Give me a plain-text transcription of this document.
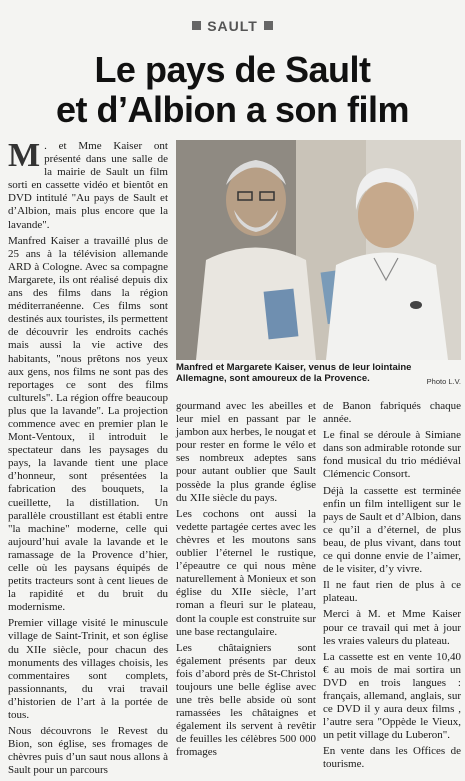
SAULT
Le pays de Sault
et d’Albion a son film

M . et Mme Kaiser ont présenté dans une salle de la mairie de Sault un film sorti en cassette vidéo et bientôt en DVD intitulé "Au pays de Sault et d’Albion, mais plus encore que la lavande".

Manfred Kaiser a travaillé plus de 25 ans à la télévision allemande ARD à Cologne. Avec sa compagne Margarete, ils ont réalisé depuis dix ans des films dans la région méditerranéenne. Ces films sont destinés aux touristes, ils permettent de découvrir les endroits cachés mais aussi la vie active des habitants, "nous prêtons nos yeux aux gens, nos films ne sont pas des reportages ce sont des films culturels". La région offre beaucoup plus que la lavande". La projection commence avec en premier plan le Mont-Ventoux, il introduit le spectateur dans les paysages du pays, la lavande tient une place d’honneur, sont présentées la fabrication des bouquets, la cueillette, la distillation. Un parallèle croustillant est établi entre "la machine" moderne, celle qui aujourd’hui avale la lavande et le ramassage de la Provence d’hier, celle où les paysans équipés de petits tracteurs sont à cent lieues de la rapidité et du bruit du modernisme.

Premier village visité le minuscule village de Saint-Trinit, et son église du XIIe siècle, pour chacun des monuments des villages choisis, les commentaires sont complets, passionnants, du vrai travail d’historien de l’art à la portée de tous.

Nous découvrons le Revest du Bion, son église, ses fromages de chèvres puis d’un saut nous allons à Sault pour un parcours

Manfred et Margarete Kaiser, venus de leur lointaine Allemagne, sont amoureux de la Provence.	Photo L.V.

gourmand avec les abeilles et leur miel en passant par le jambon aux herbes, le nougat et pour rester en forme le vélo et ses nombreux adeptes sans pour autant oublier que Sault possède la plus grande église du XIIe siècle du pays.

Les cochons ont aussi la vedette partagée certes avec les chèvres et les moutons sans oublier l’éternel le rustique, l’épeautre ce qui nous mène naturellement à Monieux et son église du XIIe siècle, l’art roman a fleuri sur le plateau, dont la couple est construite sur une base rectangulaire.

Les châtaigniers sont également présents par deux fois d’abord près de St-Christol toujours une belle église avec une très belle abside où sont ramassées les châtaignes et également ils servent à revêtir de feuilles les célèbres 500 000 fromages

de Banon fabriqués chaque année.

Le final se déroule à Simiane dans son admirable rotonde sur fond musical du trio médiéval Clémencic Consort.

Déjà la cassette est terminée enfin un film intelligent sur le pays de Sault et d’Albion, dans ce qu’il a d’éternel, de plus beau, de plus vivant, dans tout ce qui donne envie de l’aimer, de le visiter, d’y vivre.

Il ne faut rien de plus à ce plateau.

Merci à M. et Mme Kaiser pour ce travail qui met à jour les vraies valeurs du plateau.

La cassette est en vente 10,40 € au mois de mai sortira un DVD en trois langues : français, allemand, anglais, sur ce DVD il y aura deux films , l’autre sera "Oppède le Vieux, un petit village du Luberon".

En vente dans les Offices de tourisme.
